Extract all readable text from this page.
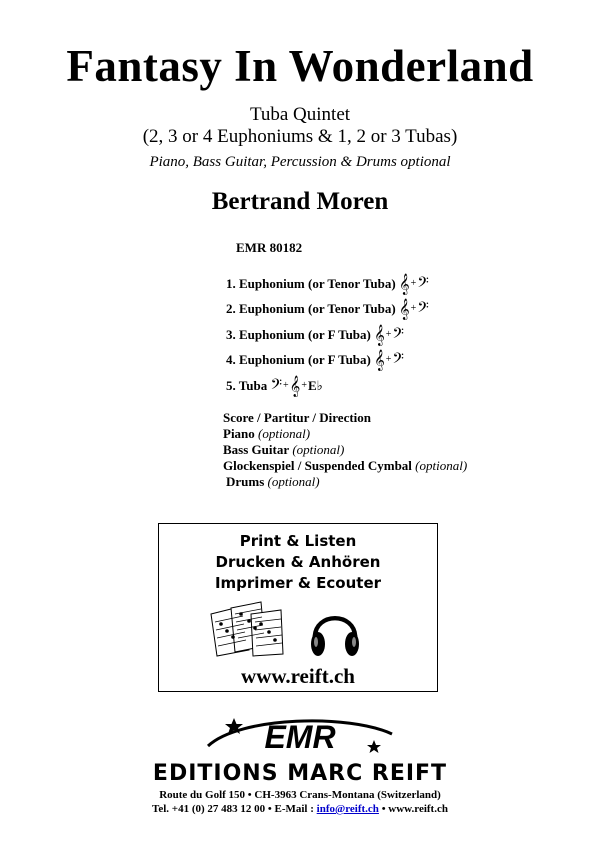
Fantasy In Wonderland
Tuba Quintet
(2, 3 or 4 Euphoniums & 1, 2 or 3 Tubas)
Piano, Bass Guitar, Percussion & Drums optional
Bertrand Moren
EMR 80182
1. Euphonium (or Tenor Tuba) 𝄞+𝄢
2. Euphonium (or Tenor Tuba) 𝄞+𝄢
3. Euphonium (or F Tuba) 𝄞+𝄢
4. Euphonium (or F Tuba) 𝄞+𝄢
5. Tuba 𝄢+𝄞+E♭
Score / Partitur / Direction
Piano (optional)
Bass Guitar (optional)
Glockenspiel / Suspended Cymbal (optional)
Drums (optional)
Print & Listen
Drucken & Anhören
Imprimer & Ecouter
www.reift.ch
EMR
EDITIONS MARC REIFT
Route du Golf 150 • CH-3963 Crans-Montana (Switzerland)
Tel. +41 (0) 27 483 12 00 • E-Mail : info@reift.ch • www.reift.ch
